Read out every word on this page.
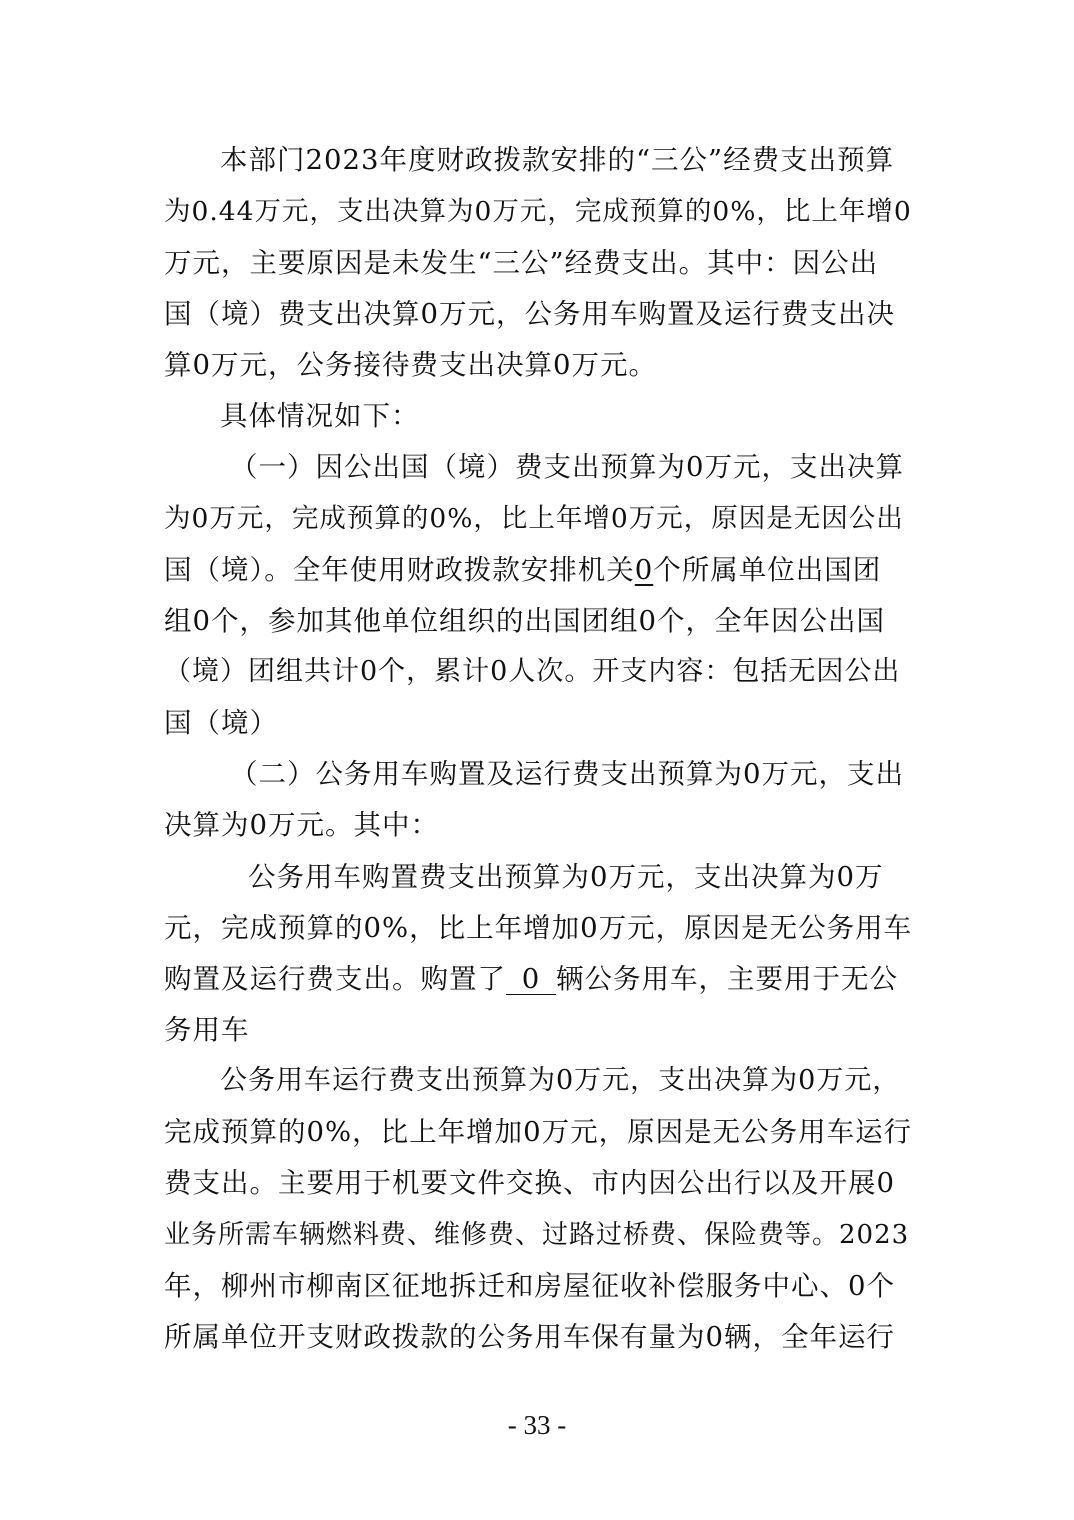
本部门2023年度财政拨款安排的“三公”经费支出预算

为0.44万元，支出决算为0万元，完成预算的0%，比上年增0

万元，主要原因是未发生“三公”经费支出。其中：因公出

国（境）费支出决算0万元，公务用车购置及运行费支出决

算0万元，公务接待费支出决算0万元。

具体情况如下：

（一）因公出国（境）费支出预算为0万元，支出决算

为0万元，完成预算的0%，比上年增0万元，原因是无因公出

国（境）。全年使用财政拨款安排机关0个所属单位出国团

组0个，参加其他单位组织的出国团组0个，全年因公出国

（境）团组共计0个，累计0人次。开支内容：包括无因公出

国（境）

（二）公务用车购置及运行费支出预算为0万元，支出

决算为0万元。其中：

公务用车购置费支出预算为0万元，支出决算为0万

元，完成预算的0%，比上年增加0万元，原因是无公务用车

购置及运行费支出。购置了 0 辆公务用车，主要用于无公

务用车

公务用车运行费支出预算为0万元，支出决算为0万元，

完成预算的0%，比上年增加0万元，原因是无公务用车运行

费支出。主要用于机要文件交换、市内因公出行以及开展0

业务所需车辆燃料费、维修费、过路过桥费、保险费等。2023

年，柳州市柳南区征地拆迁和房屋征收补偿服务中心、0个

所属单位开支财政拨款的公务用车保有量为0辆，全年运行

- 33 -
